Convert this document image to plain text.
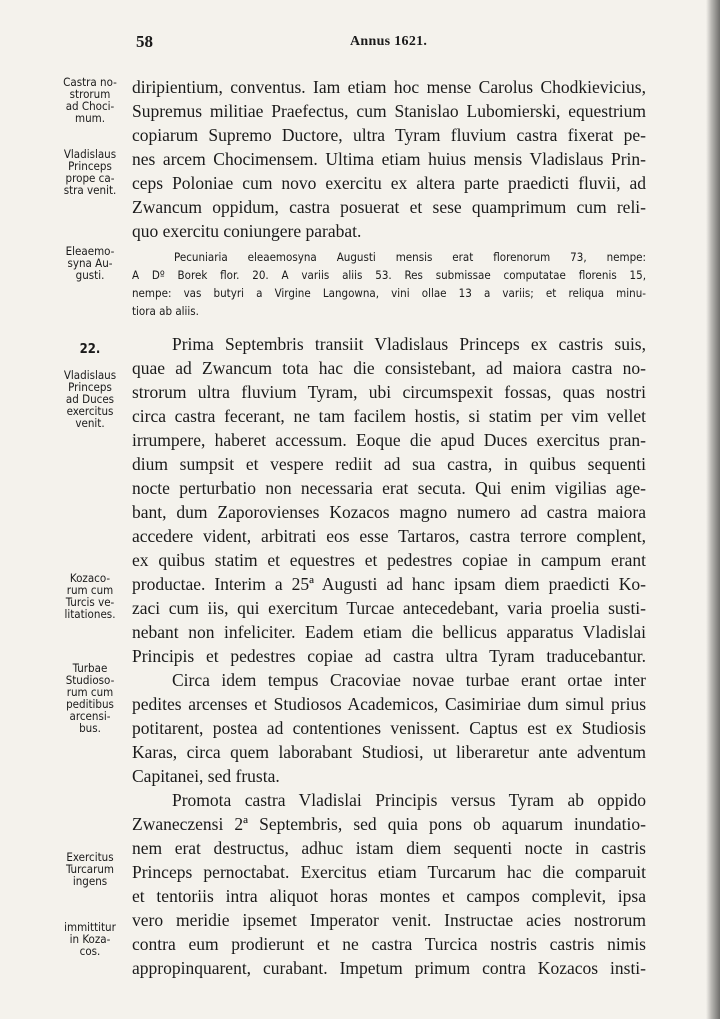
58	Annus 1621.
Castra no-
strorum
ad Choci-
mum.
Vladislaus
Princeps
prope ca-
stra venit.
Eleaemo-
syna Au-
gusti.

22.

Vladislaus
Princeps
ad Duces
exercitus
venit.

Kozaco-
rum cum
Turcis ve-
litationes.
Turbae
Studioso-
rum cum
peditibus
arcensi-
bus.
Exercitus
Turcarum
ingens
immittitur
in Koza-
cos.
diripientium, conventus. Iam etiam hoc mense Carolus Chodkievicius,
Supremus militiae Praefectus, cum Stanislao Lubomierski, equestrium
copiarum Supremo Ductore, ultra Tyram fluvium castra fixerat pe-
nes arcem Chocimensem. Ultima etiam huius mensis Vladislaus Prin-
ceps Poloniae cum novo exercitu ex altera parte praedicti fluvii, ad
Zwancum oppidum, castra posuerat et sese quamprimum cum reli-
quo exercitu coniungere parabat.
Pecuniaria eleaemosyna Augusti mensis erat florenorum 73, nempe:
A Dº Borek flor. 20. A variis aliis 53. Res submissae computatae florenis 15,
nempe: vas butyri a Virgine Langowna, vini ollae 13 a variis; et reliqua minu-
tiora ab aliis.
Prima Septembris transiit Vladislaus Princeps ex castris suis,
quae ad Zwancum tota hac die consistebant, ad maiora castra no-
strorum ultra fluvium Tyram, ubi circumspexit fossas, quas nostri
circa castra fecerant, ne tam facilem hostis, si statim per vim vellet
irrumpere, haberet accessum. Eoque die apud Duces exercitus pran-
dium sumpsit et vespere rediit ad sua castra, in quibus sequenti
nocte perturbatio non necessaria erat secuta. Qui enim vigilias age-
bant, dum Zaporovienses Kozacos magno numero ad castra maiora
accedere vident, arbitrati eos esse Tartaros, castra terrore complent,
ex quibus statim et equestres et pedestres copiae in campum erant
productae. Interim a 25ª Augusti ad hanc ipsam diem praedicti Ko-
zaci cum iis, qui exercitum Turcae antecedebant, varia proelia susti-
nebant non infeliciter. Eadem etiam die bellicus apparatus Vladislai
Principis et pedestres copiae ad castra ultra Tyram traducebantur.
Circa idem tempus Cracoviae novae turbae erant ortae inter
pedites arcenses et Studiosos Academicos, Casimiriae dum simul prius
potitarent, postea ad contentiones venissent. Captus est ex Studiosis
Karas, circa quem laborabant Studiosi, ut liberaretur ante adventum
Capitanei, sed frusta.
Promota castra Vladislai Principis versus Tyram ab oppido
Zwaneczensi 2ª Septembris, sed quia pons ob aquarum inundatio-
nem erat destructus, adhuc istam diem sequenti nocte in castris
Princeps pernoctabat. Exercitus etiam Turcarum hac die comparuit
et tentoriis intra aliquot horas montes et campos complevit, ipsa
vero meridie ipsemet Imperator venit. Instructae acies nostrorum
contra eum prodierunt et ne castra Turcica nostris castris nimis
appropinquarent, curabant. Impetum primum contra Kozacos insti-
